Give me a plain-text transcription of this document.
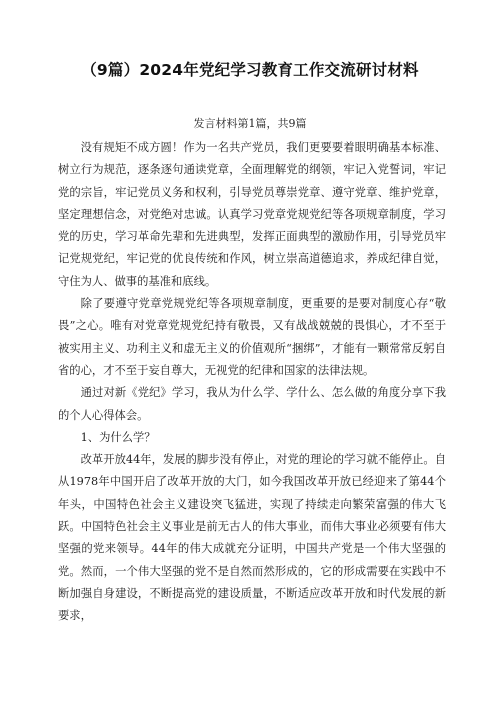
（9篇）2024年党纪学习教育工作交流研讨材料
发言材料第1篇，共9篇

没有规矩不成方圆！作为一名共产党员，我们更要要着眼明确基本标准、树立行为规范，逐条逐句通读党章，全面理解党的纲领，牢记入党誓词，牢记党的宗旨，牢记党员义务和权利，引导党员尊崇党章、遵守党章、维护党章，坚定理想信念，对党绝对忠诚。认真学习党章党规党纪等各项规章制度，学习党的历史，学习革命先辈和先进典型，发挥正面典型的激励作用，引导党员牢记党规党纪，牢记党的优良传统和作风，树立崇高道德追求，养成纪律自觉，守住为人、做事的基准和底线。

除了要遵守党章党规党纪等各项规章制度，更重要的是要对制度心存“敬畏”之心。唯有对党章党规党纪持有敬畏，又有战战兢兢的畏惧心，才不至于被实用主义、功利主义和虚无主义的价值观所“捆绑”，才能有一颗常常反躬自省的心，才不至于妄自尊大，无视党的纪律和国家的法律法规。

通过对新《党纪》学习，我从为什么学、学什么、怎么做的角度分享下我的个人心得体会。

1、为什么学？

改革开放44年，发展的脚步没有停止，对党的理论的学习就不能停止。自从1978年中国开启了改革开放的大门，如今我国改革开放已经迎来了第44个年头，中国特色社会主义建设突飞猛进，实现了持续走向繁荣富强的伟大飞跃。中国特色社会主义事业是前无古人的伟大事业，而伟大事业必须要有伟大坚强的党来领导。44年的伟大成就充分证明，中国共产党是一个伟大坚强的党。然而，一个伟大坚强的党不是自然而然形成的，它的形成需要在实践中不断加强自身建设，不断提高党的建设质量，不断适应改革开放和时代发展的新要求，
